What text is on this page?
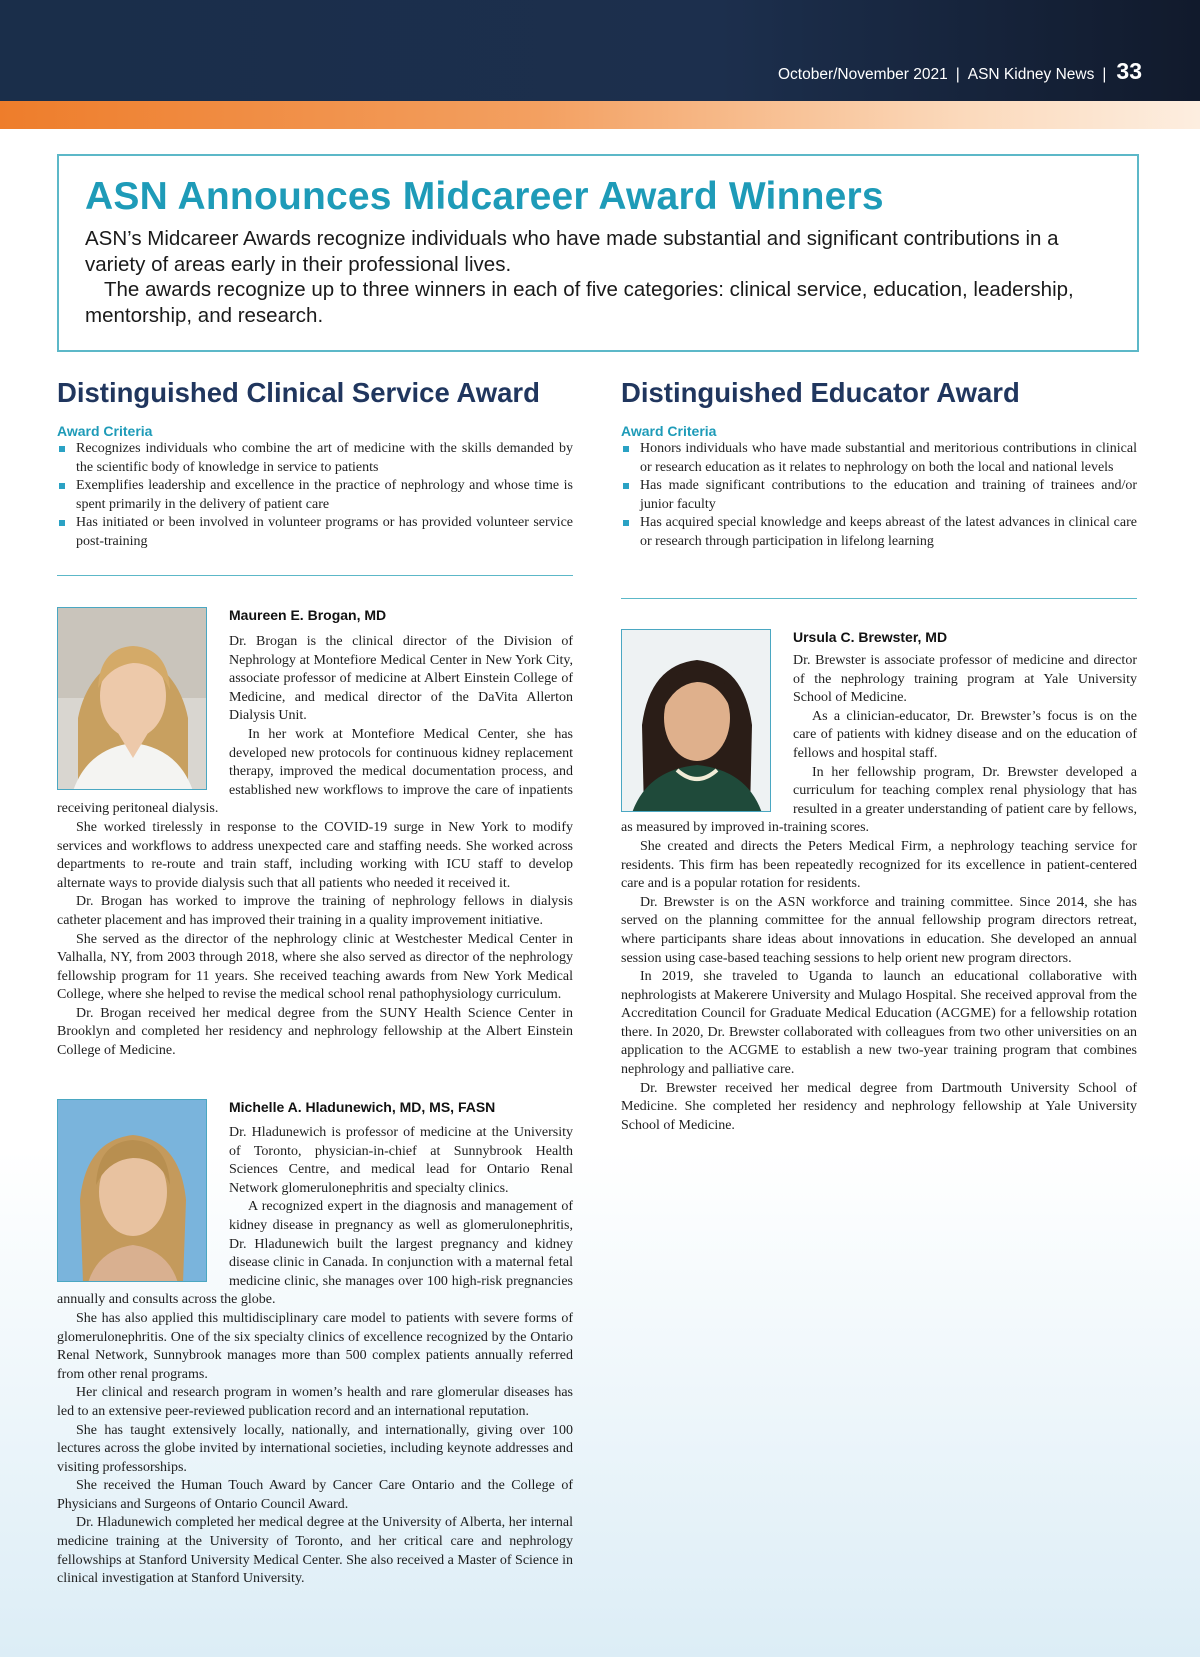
October/November 2021 | ASN Kidney News | 33
ASN Announces Midcareer Award Winners

ASN’s Midcareer Awards recognize individuals who have made substantial and significant contributions in a variety of areas early in their professional lives.

The awards recognize up to three winners in each of five categories: clinical service, education, leadership, mentorship, and research.

Distinguished Clinical Service Award
Award Criteria
Recognizes individuals who combine the art of medicine with the skills demanded by the scientific body of knowledge in service to patients
Exemplifies leadership and excellence in the practice of nephrology and whose time is spent primarily in the delivery of patient care
Has initiated or been involved in volunteer programs or has provided volunteer service post-training
Distinguished Educator Award
Award Criteria
Honors individuals who have made substantial and meritorious contributions in clinical or research education as it relates to nephrology on both the local and national levels
Has made significant contributions to the education and training of trainees and/or junior faculty
Has acquired special knowledge and keeps abreast of the latest advances in clinical care or research through participation in lifelong learning
Maureen E. Brogan, MD

Dr. Brogan is the clinical director of the Division of Nephrology at Montefiore Medical Center in New York City, associate professor of medicine at Albert Einstein College of Medicine, and medical director of the DaVita Allerton Dialysis Unit.

In her work at Montefiore Medical Center, she has developed new protocols for continuous kidney replacement therapy, improved the medical documentation process, and established new workflows to improve the care of inpatients receiving peritoneal dialysis.

She worked tirelessly in response to the COVID-19 surge in New York to modify services and workflows to address unexpected care and staffing needs. She worked across departments to re-route and train staff, including working with ICU staff to develop alternate ways to provide dialysis such that all patients who needed it received it.

Dr. Brogan has worked to improve the training of nephrology fellows in dialysis catheter placement and has improved their training in a quality improvement initiative.

She served as the director of the nephrology clinic at Westchester Medical Center in Valhalla, NY, from 2003 through 2018, where she also served as director of the nephrology fellowship program for 11 years. She received teaching awards from New York Medical College, where she helped to revise the medical school renal pathophysiology curriculum.

Dr. Brogan received her medical degree from the SUNY Health Science Center in Brooklyn and completed her residency and nephrology fellowship at the Albert Einstein College of Medicine.

Michelle A. Hladunewich, MD, MS, FASN

Dr. Hladunewich is professor of medicine at the University of Toronto, physician-in-chief at Sunnybrook Health Sciences Centre, and medical lead for Ontario Renal Network glomerulonephritis and specialty clinics.

A recognized expert in the diagnosis and management of kidney disease in pregnancy as well as glomerulonephritis, Dr. Hladunewich built the largest pregnancy and kidney disease clinic in Canada. In conjunction with a maternal fetal medicine clinic, she manages over 100 high-risk pregnancies annually and consults across the globe.

She has also applied this multidisciplinary care model to patients with severe forms of glomerulonephritis. One of the six specialty clinics of excellence recognized by the Ontario Renal Network, Sunnybrook manages more than 500 complex patients annually referred from other renal programs.

Her clinical and research program in women’s health and rare glomerular diseases has led to an extensive peer-reviewed publication record and an international reputation.

She has taught extensively locally, nationally, and internationally, giving over 100 lectures across the globe invited by international societies, including keynote addresses and visiting professorships.

She received the Human Touch Award by Cancer Care Ontario and the College of Physicians and Surgeons of Ontario Council Award.

Dr. Hladunewich completed her medical degree at the University of Alberta, her internal medicine training at the University of Toronto, and her critical care and nephrology fellowships at Stanford University Medical Center. She also received a Master of Science in clinical investigation at Stanford University.

Ursula C. Brewster, MD

Dr. Brewster is associate professor of medicine and director of the nephrology training program at Yale University School of Medicine.

As a clinician-educator, Dr. Brewster’s focus is on the care of patients with kidney disease and on the education of fellows and hospital staff.

In her fellowship program, Dr. Brewster developed a curriculum for teaching complex renal physiology that has resulted in a greater understanding of patient care by fellows, as measured by improved in-training scores.

She created and directs the Peters Medical Firm, a nephrology teaching service for residents. This firm has been repeatedly recognized for its excellence in patient-centered care and is a popular rotation for residents.

Dr. Brewster is on the ASN workforce and training committee. Since 2014, she has served on the planning committee for the annual fellowship program directors retreat, where participants share ideas about innovations in education. She developed an annual session using case-based teaching sessions to help orient new program directors.

In 2019, she traveled to Uganda to launch an educational collaborative with nephrologists at Makerere University and Mulago Hospital. She received approval from the Accreditation Council for Graduate Medical Education (ACGME) for a fellowship rotation there. In 2020, Dr. Brewster collaborated with colleagues from two other universities on an application to the ACGME to establish a new two-year training program that combines nephrology and palliative care.

Dr. Brewster received her medical degree from Dartmouth University School of Medicine. She completed her residency and nephrology fellowship at Yale University School of Medicine.
